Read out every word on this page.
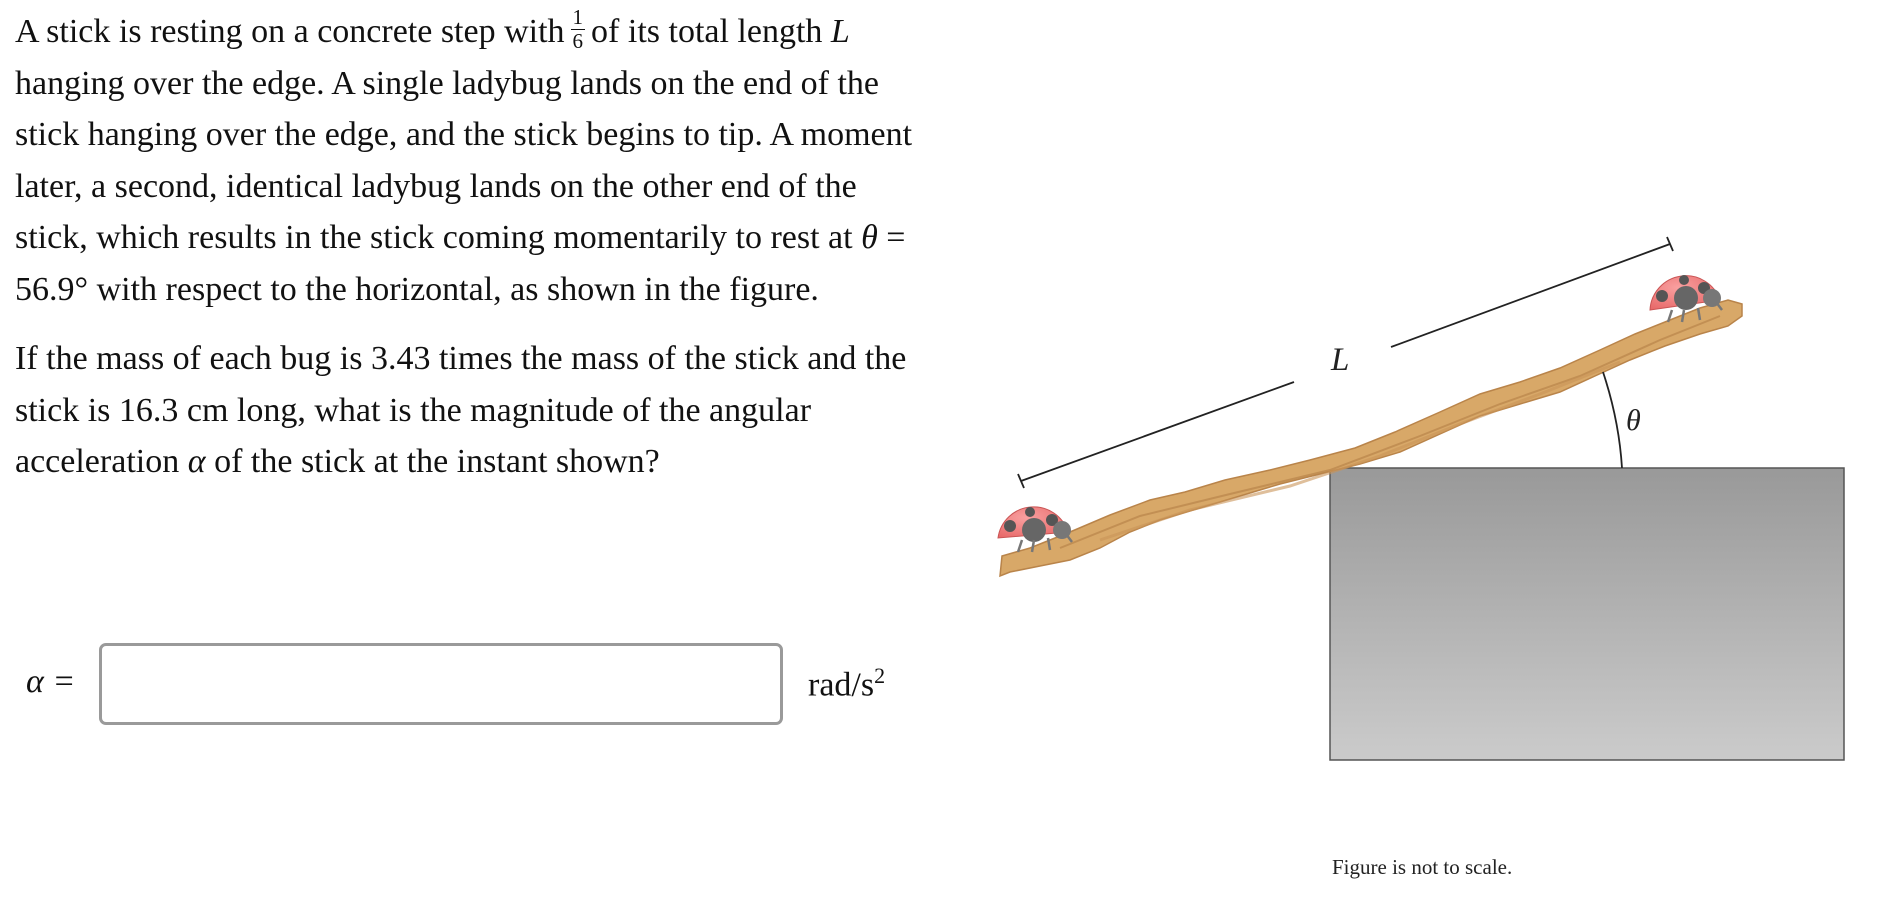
A stick is resting on a concrete step with $\frac{1}{6}$ of its total length L hanging over the edge. A single ladybug lands on the end of the stick hanging over the edge, and the stick begins to tip. A moment later, a second, identical ladybug lands on the other end of the stick, which results in the stick coming momentarily to rest at θ = 56.9° with respect to the horizontal, as shown in the figure.

If the mass of each bug is 3.43 times the mass of the stick and the stick is 16.3 cm long, what is the magnitude of the angular acceleration α of the stick at the instant shown?

α =	rad/$s^2$
L
θ
Figure is not to scale.
